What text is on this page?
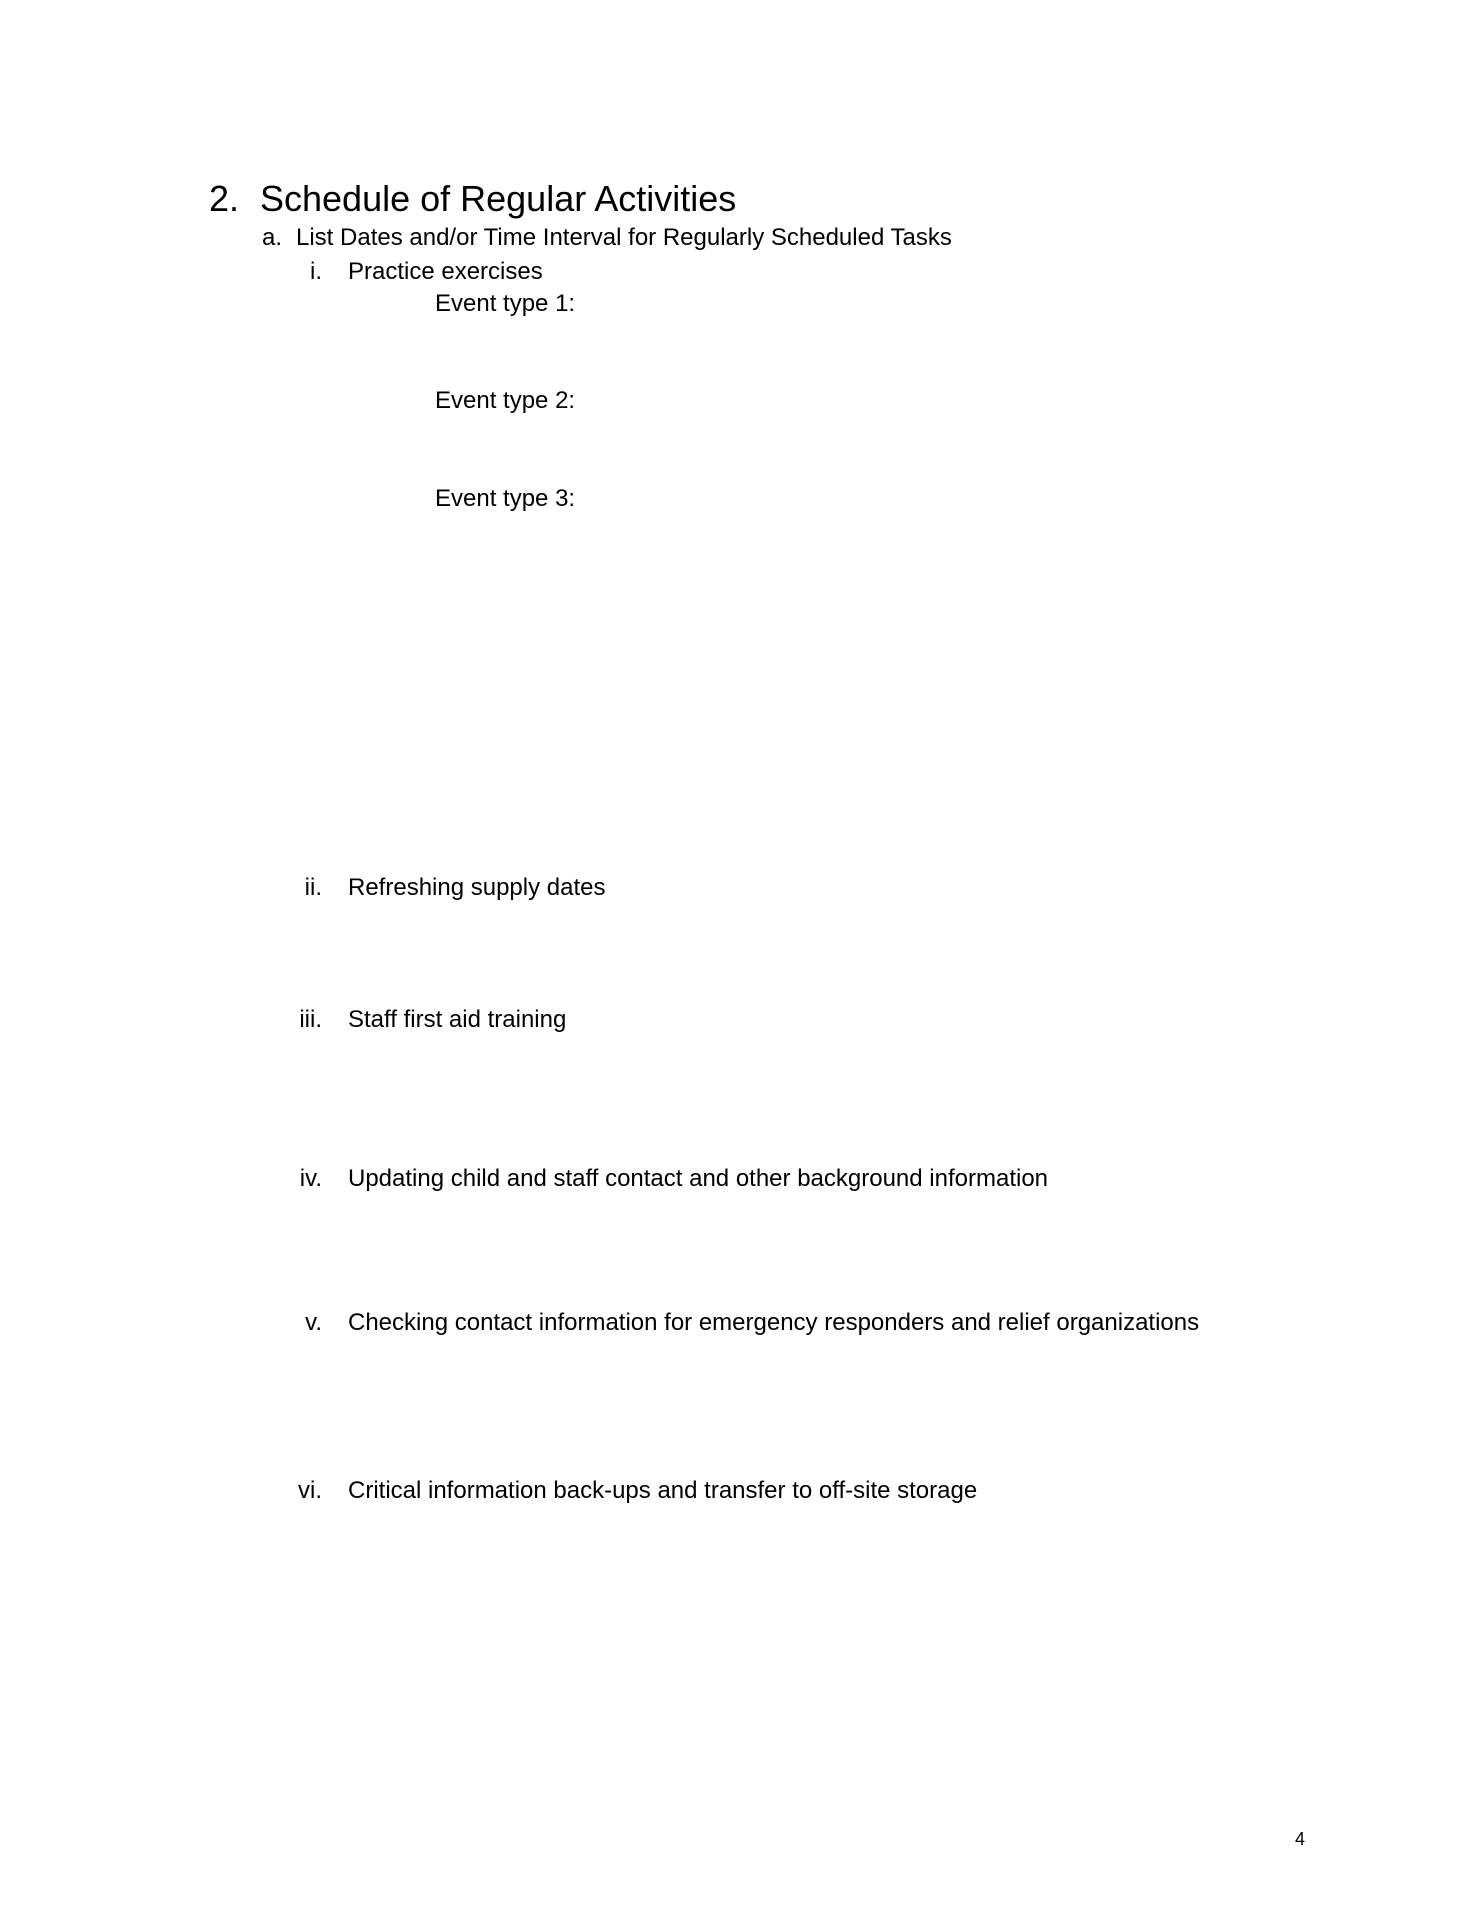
2. Schedule of Regular Activities
a. List Dates and/or Time Interval for Regularly Scheduled Tasks
i. Practice exercises
Event type 1:
Event type 2:
Event type 3:
ii. Refreshing supply dates
iii. Staff first aid training
iv. Updating child and staff contact and other background information
v. Checking contact information for emergency responders and relief organizations
vi. Critical information back-ups and transfer to off-site storage
4
